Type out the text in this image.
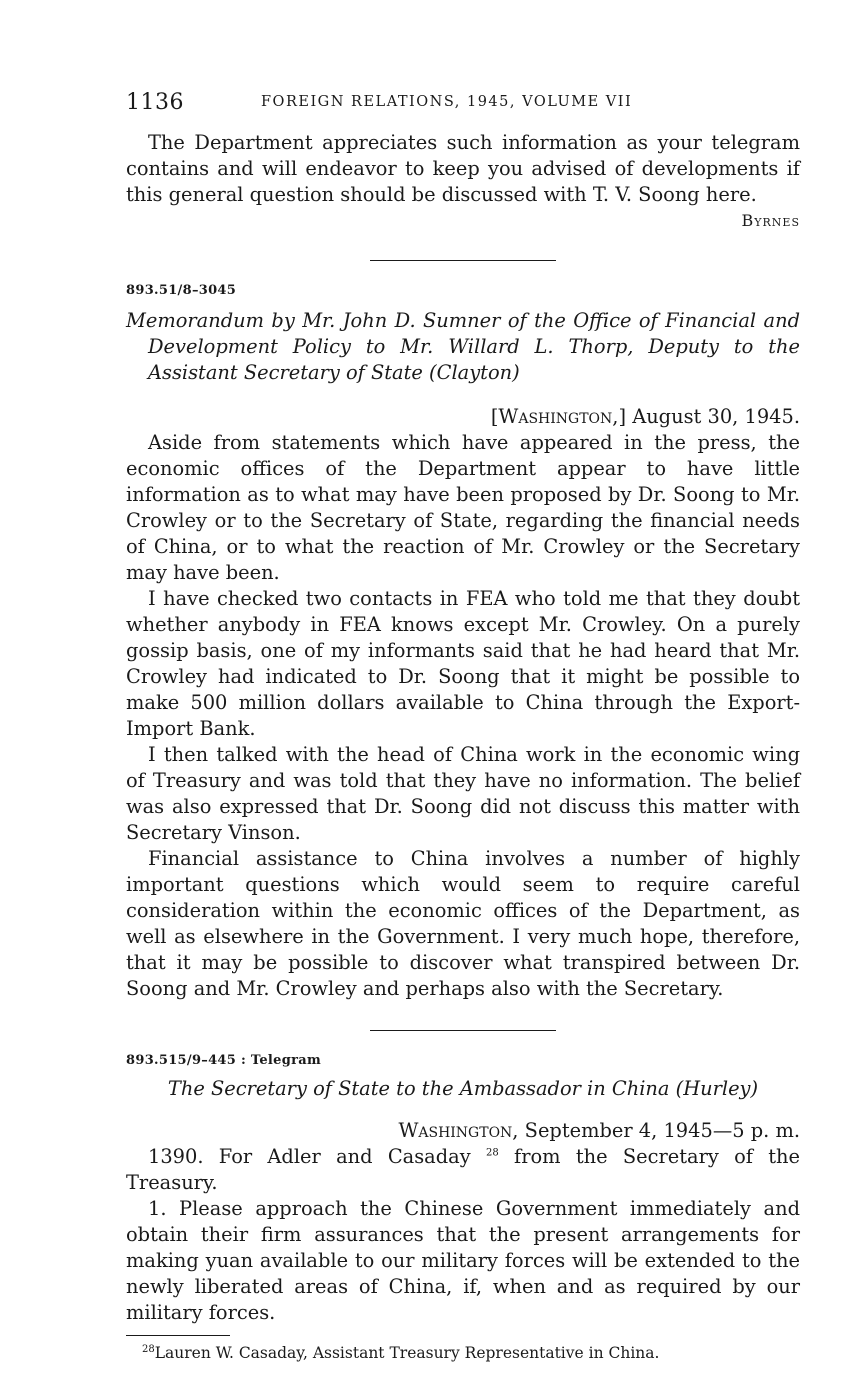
1136	FOREIGN RELATIONS, 1945, VOLUME VII

The Department appreciates such information as your telegram contains and will endeavor to keep you advised of developments if this general question should be discussed with T. V. Soong here.

Byrnes
893.51/8–3045
Memorandum by Mr. John D. Sumner of the Office of Financial and Development Policy to Mr. Willard L. Thorp, Deputy to the Assistant Secretary of State (Clayton)
[Washington,] August 30, 1945.

Aside from statements which have appeared in the press, the economic offices of the Department appear to have little information as to what may have been proposed by Dr. Soong to Mr. Crowley or to the Secretary of State, regarding the financial needs of China, or to what the reaction of Mr. Crowley or the Secretary may have been.

I have checked two contacts in FEA who told me that they doubt whether anybody in FEA knows except Mr. Crowley. On a purely gossip basis, one of my informants said that he had heard that Mr. Crowley had indicated to Dr. Soong that it might be possible to make 500 million dollars available to China through the Export-Import Bank.

I then talked with the head of China work in the economic wing of Treasury and was told that they have no information. The belief was also expressed that Dr. Soong did not discuss this matter with Secretary Vinson.

Financial assistance to China involves a number of highly important questions which would seem to require careful consideration within the economic offices of the Department, as well as elsewhere in the Government. I very much hope, therefore, that it may be possible to discover what transpired between Dr. Soong and Mr. Crowley and perhaps also with the Secretary.

893.515/9–445 : Telegram
The Secretary of State to the Ambassador in China (Hurley)
Washington, September 4, 1945—5 p. m.

1390. For Adler and Casaday $^{28}$ from the Secretary of the Treasury.

1. Please approach the Chinese Government immediately and obtain their firm assurances that the present arrangements for making yuan available to our military forces will be extended to the newly liberated areas of China, if, when and as required by our military forces.

$^{28}$Lauren W. Casaday, Assistant Treasury Representative in China.
